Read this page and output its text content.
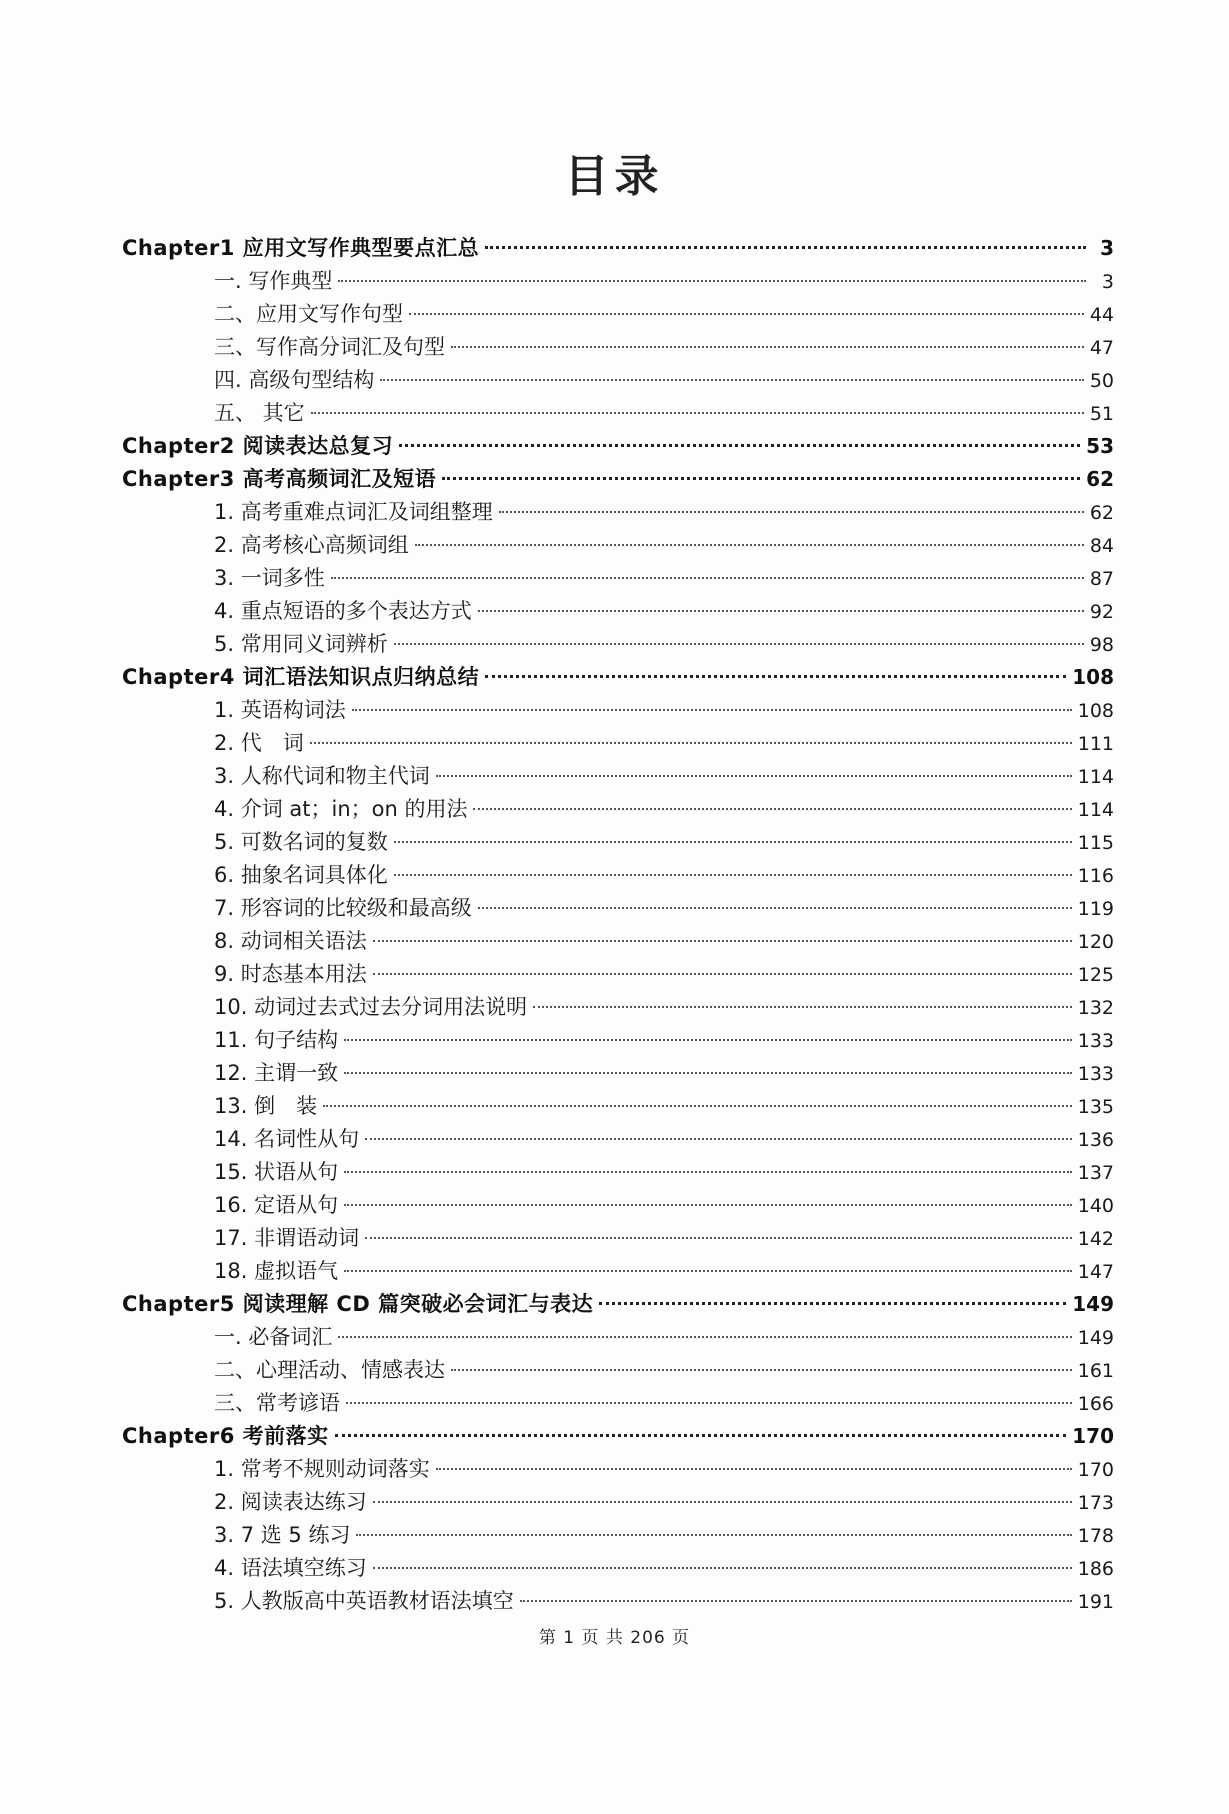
目录
Chapter1 应用文写作典型要点汇总	3
一. 写作典型	3
二、应用文写作句型	44
三、写作高分词汇及句型	47
四. 高级句型结构	50
五、 其它	51
Chapter2 阅读表达总复习	53
Chapter3 高考高频词汇及短语	62
1. 高考重难点词汇及词组整理	62
2. 高考核心高频词组	84
3. 一词多性	87
4. 重点短语的多个表达方式	92
5. 常用同义词辨析	98
Chapter4 词汇语法知识点归纳总结	108
1. 英语构词法	108
2. 代　词	111
3. 人称代词和物主代词	114
4. 介词 at；in；on 的用法	114
5. 可数名词的复数	115
6. 抽象名词具体化	116
7. 形容词的比较级和最高级	119
8. 动词相关语法	120
9. 时态基本用法	125
10. 动词过去式过去分词用法说明	132
11. 句子结构	133
12. 主谓一致	133
13. 倒　装	135
14. 名词性从句	136
15. 状语从句	137
16. 定语从句	140
17. 非谓语动词	142
18. 虚拟语气	147
Chapter5 阅读理解 CD 篇突破必会词汇与表达	149
一. 必备词汇	149
二、心理活动、情感表达	161
三、常考谚语	166
Chapter6 考前落实	170
1. 常考不规则动词落实	170
2. 阅读表达练习	173
3. 7 选 5 练习	178
4. 语法填空练习	186
5. 人教版高中英语教材语法填空	191
第 1 页 共 206 页
